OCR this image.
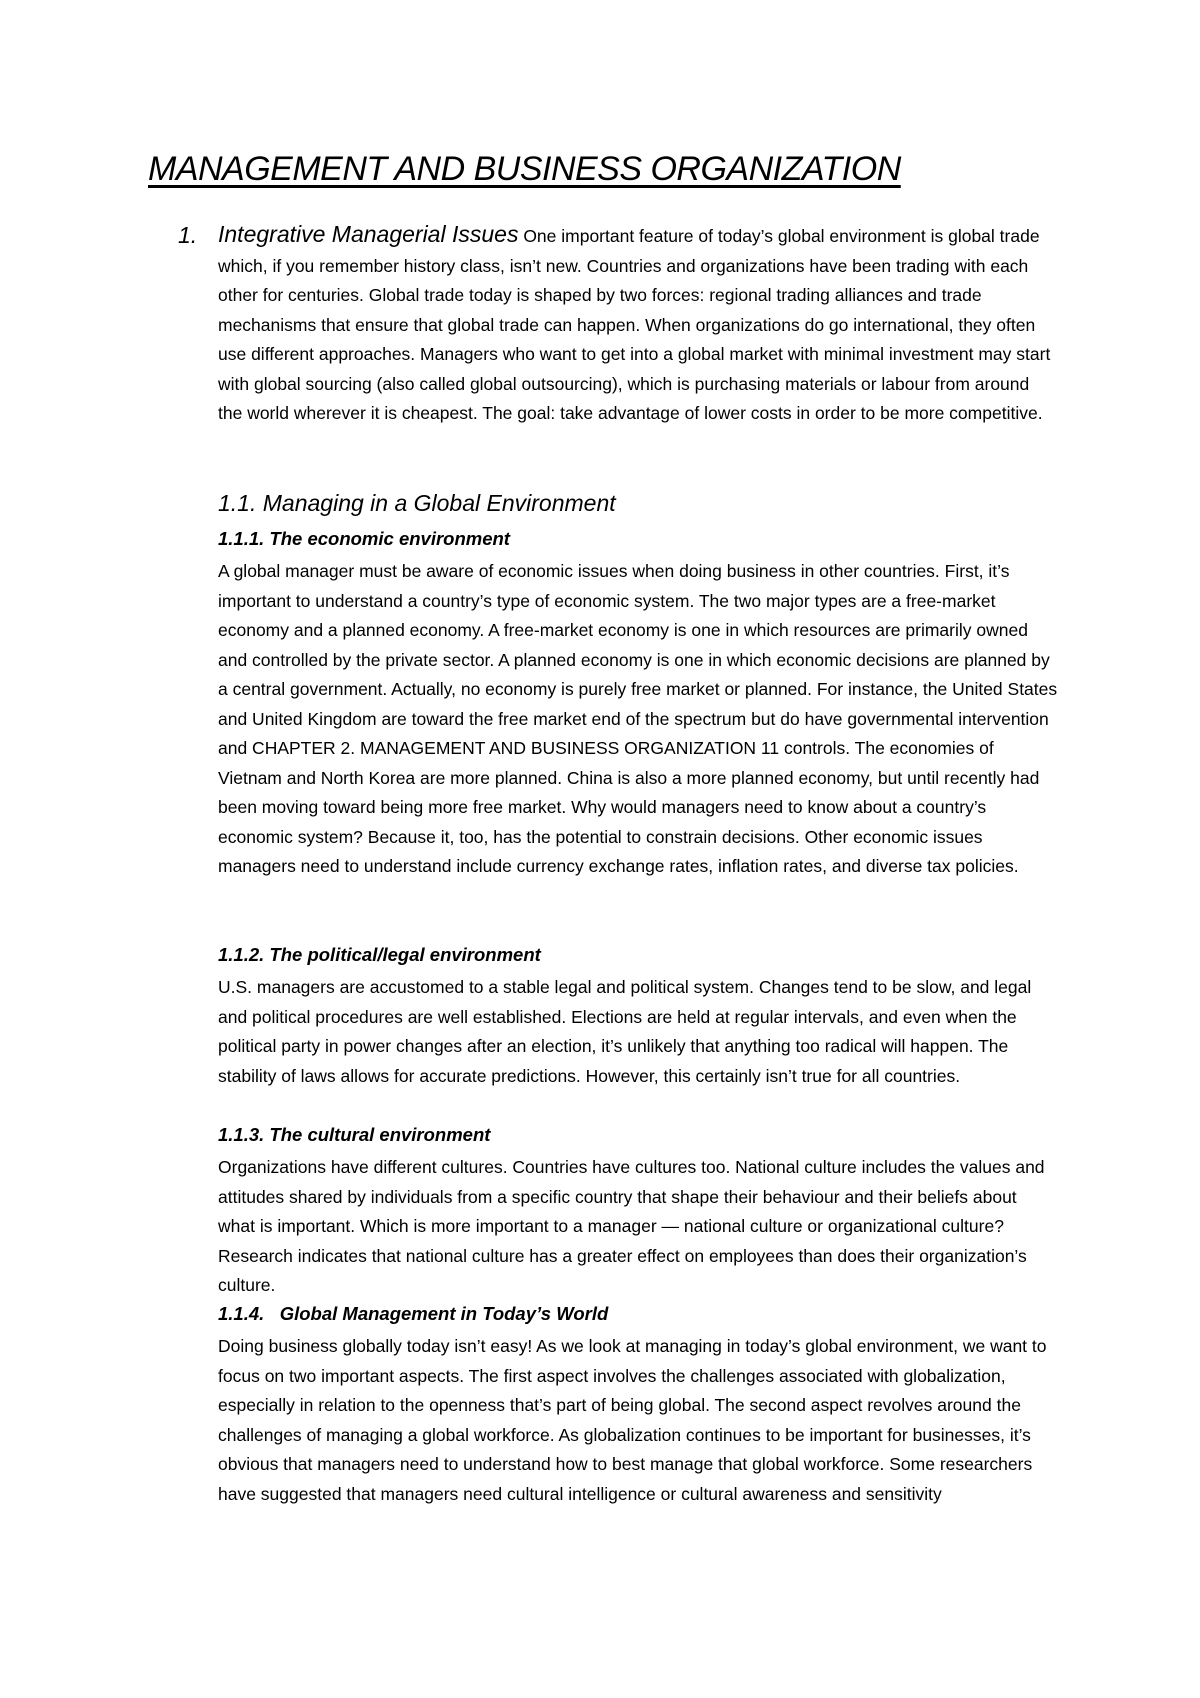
MANAGEMENT AND BUSINESS ORGANIZATION
1. Integrative Managerial Issues One important feature of today’s global environment is global trade which, if you remember history class, isn’t new. Countries and organizations have been trading with each other for centuries. Global trade today is shaped by two forces: regional trading alliances and trade mechanisms that ensure that global trade can happen. When organizations do go international, they often use different approaches. Managers who want to get into a global market with minimal investment may start with global sourcing (also called global outsourcing), which is purchasing materials or labour from around the world wherever it is cheapest. The goal: take advantage of lower costs in order to be more competitive.

1.1. Managing in a Global Environment
1.1.1. The economic environment

A global manager must be aware of economic issues when doing business in other countries. First, it’s important to understand a country’s type of economic system. The two major types are a free-market economy and a planned economy. A free-market economy is one in which resources are primarily owned and controlled by the private sector. A planned economy is one in which economic decisions are planned by a central government. Actually, no economy is purely free market or planned. For instance, the United States and United Kingdom are toward the free market end of the spectrum but do have governmental intervention and CHAPTER 2. MANAGEMENT AND BUSINESS ORGANIZATION 11 controls. The economies of Vietnam and North Korea are more planned. China is also a more planned economy, but until recently had been moving toward being more free market. Why would managers need to know about a country’s economic system? Because it, too, has the potential to constrain decisions. Other economic issues managers need to understand include currency exchange rates, inflation rates, and diverse tax policies.

1.1.2. The political/legal environment

U.S. managers are accustomed to a stable legal and political system. Changes tend to be slow, and legal and political procedures are well established. Elections are held at regular intervals, and even when the political party in power changes after an election, it’s unlikely that anything too radical will happen. The stability of laws allows for accurate predictions. However, this certainly isn’t true for all countries.

1.1.3. The cultural environment

Organizations have different cultures. Countries have cultures too. National culture includes the values and attitudes shared by individuals from a specific country that shape their behaviour and their beliefs about what is important. Which is more important to a manager — national culture or organizational culture? Research indicates that national culture has a greater effect on employees than does their organization’s culture.

1.1.4.   Global Management in Today’s World

Doing business globally today isn’t easy! As we look at managing in today’s global environment, we want to focus on two important aspects. The first aspect involves the challenges associated with globalization, especially in relation to the openness that’s part of being global. The second aspect revolves around the challenges of managing a global workforce. As globalization continues to be important for businesses, it’s obvious that managers need to understand how to best manage that global workforce. Some researchers have suggested that managers need cultural intelligence or cultural awareness and sensitivity
